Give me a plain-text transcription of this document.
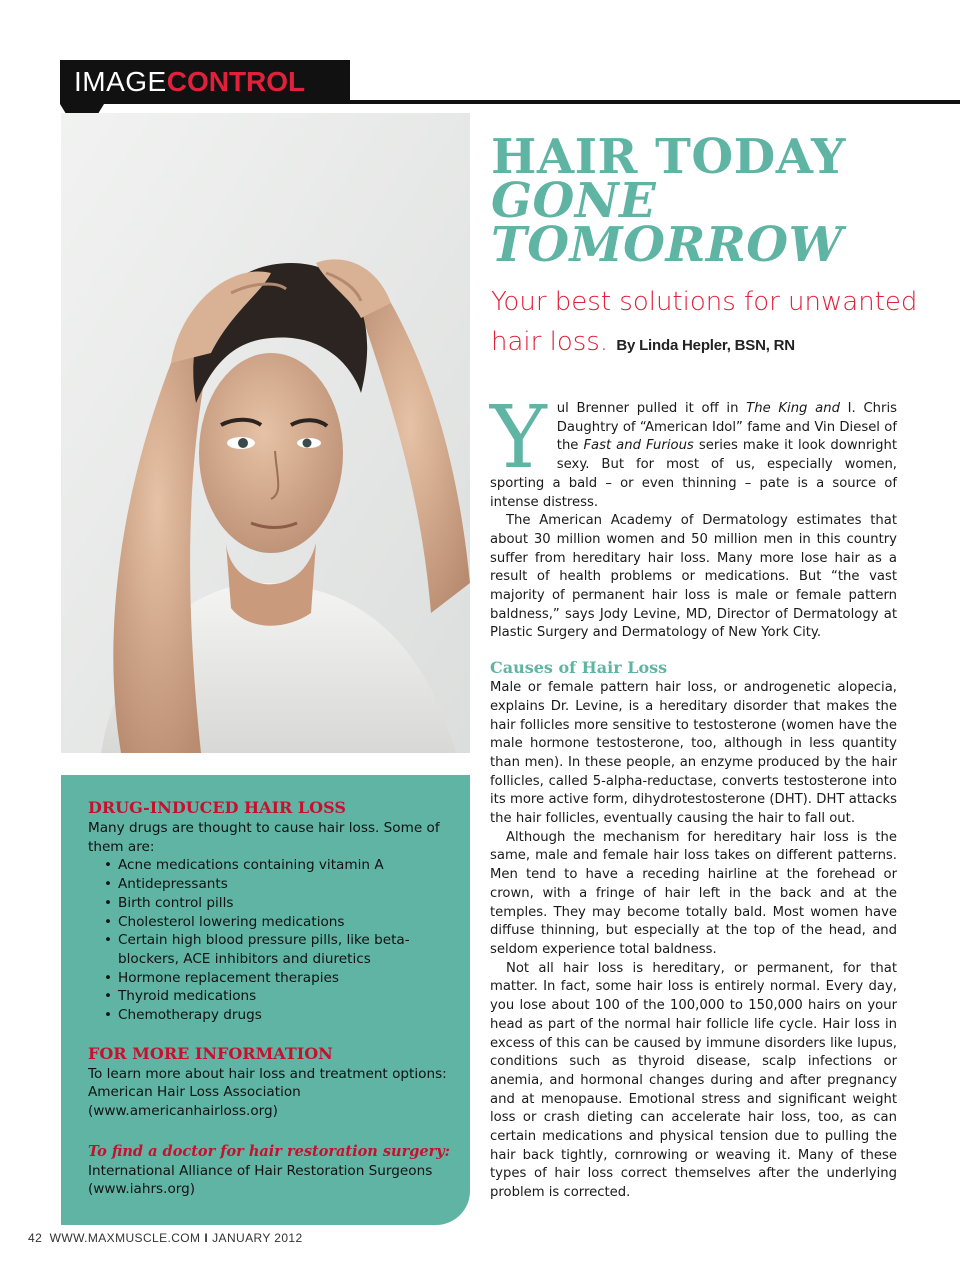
IMAGECONTROL
HAIR TODAY
GONE
TOMORROW
Your best solutions for unwanted hair loss. By Linda Hepler, BSN, RN

Yul Brenner pulled it off in The King and I. Chris Daughtry of “American Idol” fame and Vin Diesel of the Fast and Furious series make it look downright sexy. But for most of us, especially women, sporting a bald – or even thinning – pate is a source of intense distress.

The American Academy of Dermatology estimates that about 30 million women and 50 million men in this country suffer from hereditary hair loss. Many more lose hair as a result of health problems or medications. But “the vast majority of permanent hair loss is male or female pattern baldness,” says Jody Levine, MD, Director of Dermatology at Plastic Surgery and Dermatology of New York City.

Causes of Hair Loss

Male or female pattern hair loss, or androgenetic alopecia, explains Dr. Levine, is a hereditary disorder that makes the hair follicles more sensitive to testosterone (women have the male hormone testosterone, too, although in less quantity than men). In these people, an enzyme produced by the hair follicles, called 5-alpha-reductase, converts testosterone into its more active form, dihydrotestosterone (DHT). DHT attacks the hair follicles, eventually causing the hair to fall out.

Although the mechanism for hereditary hair loss is the same, male and female hair loss takes on different patterns. Men tend to have a receding hairline at the forehead or crown, with a fringe of hair left in the back and at the temples. They may become totally bald. Most women have diffuse thinning, but especially at the top of the head, and seldom experience total baldness.

Not all hair loss is hereditary, or permanent, for that matter. In fact, some hair loss is entirely normal. Every day, you lose about 100 of the 100,000 to 150,000 hairs on your head as part of the normal hair follicle life cycle. Hair loss in excess of this can be caused by immune disorders like lupus, conditions such as thyroid disease, scalp infections or anemia, and hormonal changes during and after pregnancy and at menopause. Emotional stress and significant weight loss or crash dieting can accelerate hair loss, too, as can certain medications and physical tension due to pulling the hair back tightly, cornrowing or weaving it. Many of these types of hair loss correct themselves after the underlying problem is corrected.

DRUG-INDUCED HAIR LOSS

Many drugs are thought to cause hair loss. Some of them are:

• Acne medications containing vitamin A
• Antidepressants
• Birth control pills
• Cholesterol lowering medications
• Certain high blood pressure pills, like beta-blockers, ACE inhibitors and diuretics
• Hormone replacement therapies
• Thyroid medications
• Chemotherapy drugs
FOR MORE INFORMATION

To learn more about hair loss and treatment options: American Hair Loss Association (www.americanhairloss.org)

To find a doctor for hair restoration surgery:

International Alliance of Hair Restoration Surgeons (www.iahrs.org)

42 WWW.MAXMUSCLE.COM I JANUARY 2012
